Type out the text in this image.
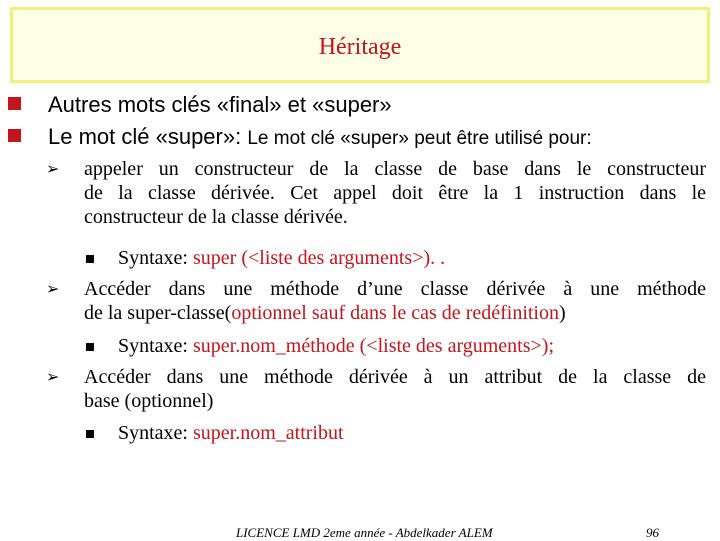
Héritage
Autres mots clés «final» et «super»
Le mot clé «super»: Le mot clé «super» peut être utilisé pour:
➢	appeler un constructeur de la classe de base dans le constructeur
de la classe dérivée. Cet appel doit être la 1 instruction dans le
constructeur de la classe dérivée.
Syntaxe: super (<liste des arguments>). .
➢	Accéder dans une méthode d’une classe dérivée à une méthode
de la super-classe(optionnel sauf dans le cas de redéfinition)
Syntaxe: super.nom_méthode (<liste des arguments>);
➢	Accéder dans une méthode dérivée à un attribut de la classe de
base (optionnel)
Syntaxe: super.nom_attribut
LICENCE LMD 2eme année - Abdelkader ALEM	96
